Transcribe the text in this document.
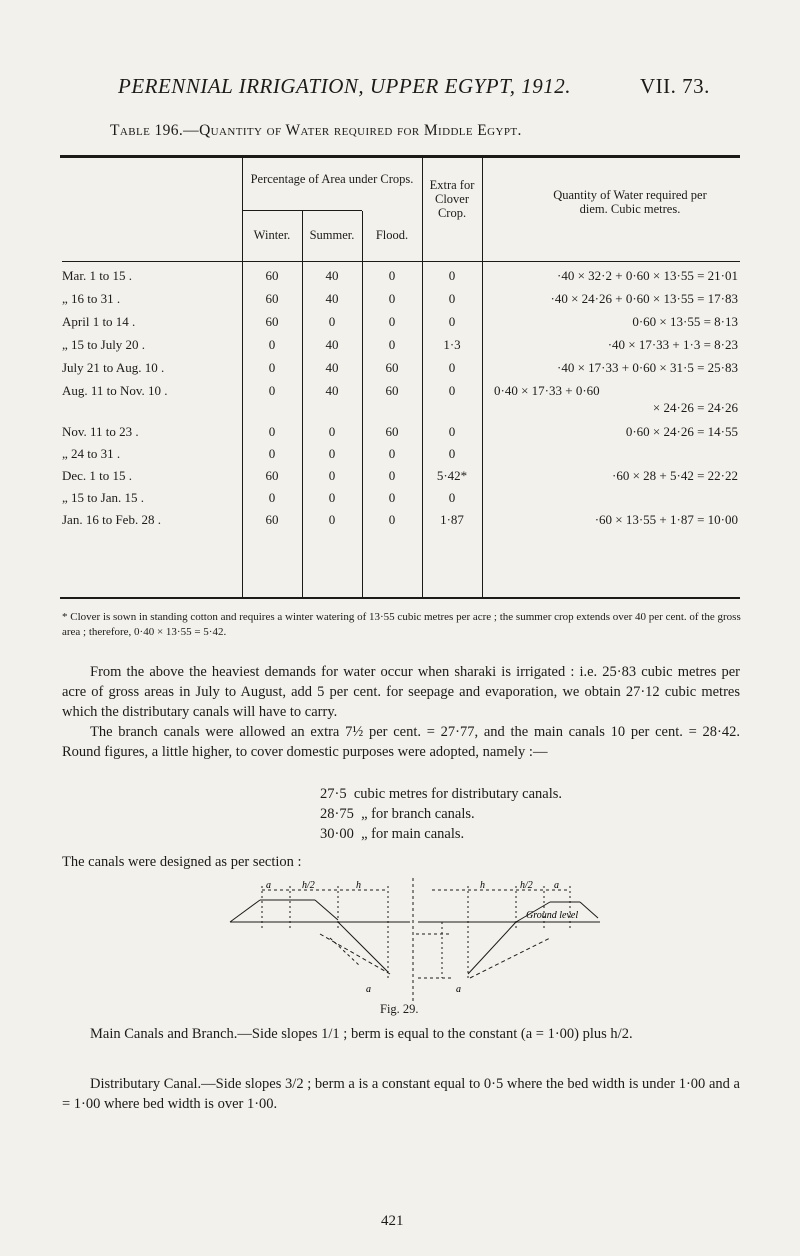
PERENNIAL IRRIGATION, UPPER EGYPT, 1912.	VII. 73.
Table 196.—Quantity of Water required for Middle Egypt.
Percentage of Area under Crops.
Winter.	Summer.	Flood.
Extra for Clover Crop.
Quantity of Water required per diem. Cubic metres.
Mar. 1 to 15 .	60	40	0	0	·40 × 32·2 + 0·60 × 13·55 = 21·01
„ 16 to 31 .	60	40	0	0	·40 × 24·26 + 0·60 × 13·55 = 17·83
April 1 to 14 .	60	0	0	0	0·60 × 13·55 = 8·13
„ 15 to July 20 .	0	40	0	1·3	·40 × 17·33 + 1·3 = 8·23
July 21 to Aug. 10 .	0	40	60	0	·40 × 17·33 + 0·60 × 31·5 = 25·83
Aug. 11 to Nov. 10 .	0	40	60	0	0·40 × 17·33 + 0·60
× 24·26 = 24·26
Nov. 11 to 23 .	0	0	60	0	0·60 × 24·26 = 14·55
„ 24 to 31 .	0	0	0	0
Dec. 1 to 15 .	60	0	0	5·42*	·60 × 28 + 5·42 = 22·22
„ 15 to Jan. 15 .	0	0	0	0
Jan. 16 to Feb. 28 .	60	0	0	1·87	·60 × 13·55 + 1·87 = 10·00
* Clover is sown in standing cotton and requires a winter watering of 13·55 cubic metres per acre ; the summer crop extends over 40 per cent. of the gross area ; therefore, 0·40 × 13·55 = 5·42.
From the above the heaviest demands for water occur when sharaki is irrigated : i.e. 25·83 cubic metres per acre of gross areas in July to August, add 5 per cent. for seepage and evaporation, we obtain 27·12 cubic metres which the distributary canals will have to carry.
The branch canals were allowed an extra 7½ per cent. = 27·77, and the main canals 10 per cent. = 28·42. Round figures, a little higher, to cover domestic purposes were adopted, namely :—
27·5 cubic metres for distributary canals.
28·75 „ for branch canals.
30·00 „ for main canals.
The canals were designed as per section :
a	h/2	h
a
h	h/2 a
a
Ground level
Fig. 29.
Main Canals and Branch.—Side slopes 1/1 ; berm is equal to the constant (a = 1·00) plus h/2.
Distributary Canal.—Side slopes 3/2 ; berm a is a constant equal to 0·5 where the bed width is under 1·00 and a = 1·00 where bed width is over 1·00.
421
